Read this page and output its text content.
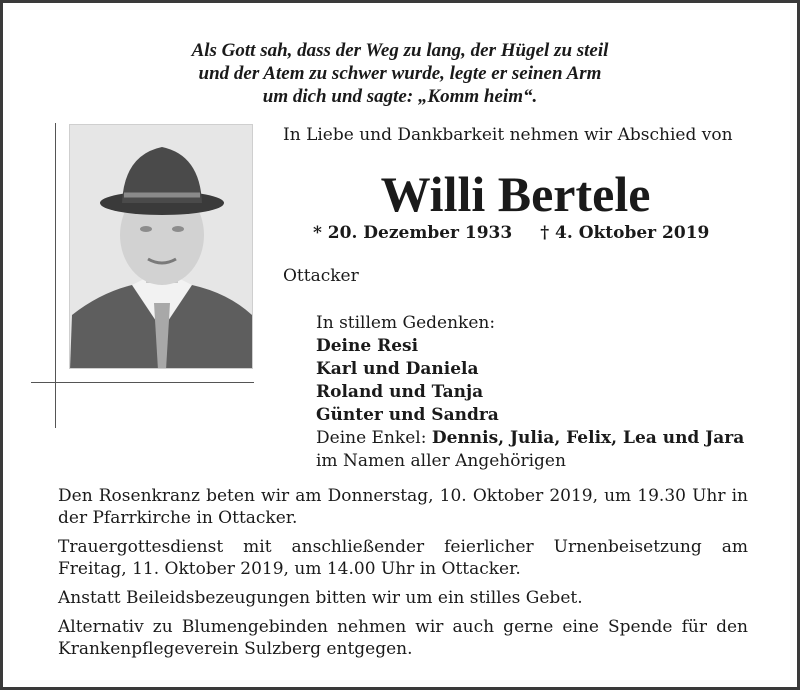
Als Gott sah, dass der Weg zu lang, der Hügel zu steil
und der Atem zu schwer wurde, legte er seinen Arm
um dich und sagte: „Komm heim“.
In Liebe und Dankbarkeit nehmen wir Abschied von
Willi Bertele
* 20. Dezember 1933 † 4. Oktober 2019
Ottacker
In stillem Gedenken:
Deine Resi
Karl und Daniela
Roland und Tanja
Günter und Sandra
Deine Enkel: Dennis, Julia, Felix, Lea und Jara
im Namen aller Angehörigen

Den Rosenkranz beten wir am Donnerstag, 10. Oktober 2019, um 19.30 Uhr in der Pfarrkirche in Ottacker.

Trauergottesdienst mit anschließender feierlicher Urnenbeisetzung am Freitag, 11. Oktober 2019, um 14.00 Uhr in Ottacker.

Anstatt Beileidsbezeugungen bitten wir um ein stilles Gebet.

Alternativ zu Blumengebinden nehmen wir auch gerne eine Spende für den Krankenpflegeverein Sulzberg entgegen.
